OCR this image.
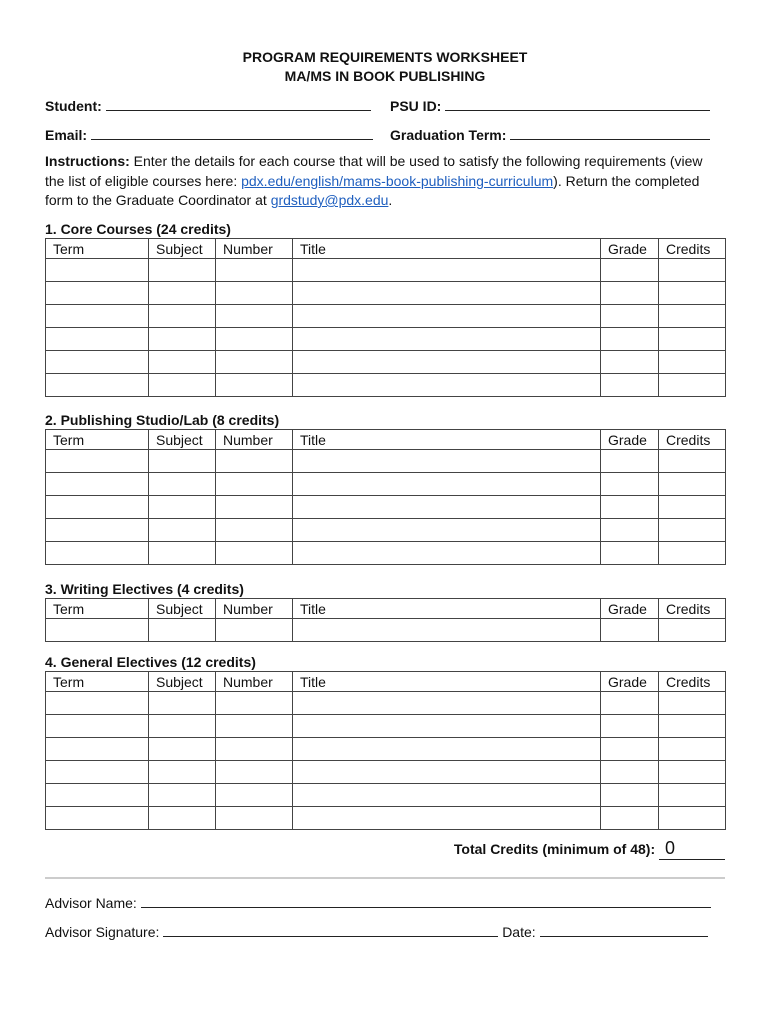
PROGRAM REQUIREMENTS WORKSHEET
MA/MS IN BOOK PUBLISHING
Student:	PSU ID:
Email:	Graduation Term:
Instructions: Enter the details for each course that will be used to satisfy the following requirements (view the list of eligible courses here: pdx.edu/english/mams-book-publishing-curriculum). Return the completed form to the Graduate Coordinator at grdstudy@pdx.edu.
1. Core Courses (24 credits)
Term	Subject	Number	Title	Grade	Credits

2. Publishing Studio/Lab (8 credits)
Term	Subject	Number	Title	Grade	Credits

3. Writing Electives (4 credits)
Term	Subject	Number	Title	Grade	Credits

4. General Electives (12 credits)
Term	Subject	Number	Title	Grade	Credits

Total Credits (minimum of 48): 0
Advisor Name:
Advisor Signature:	Date:
